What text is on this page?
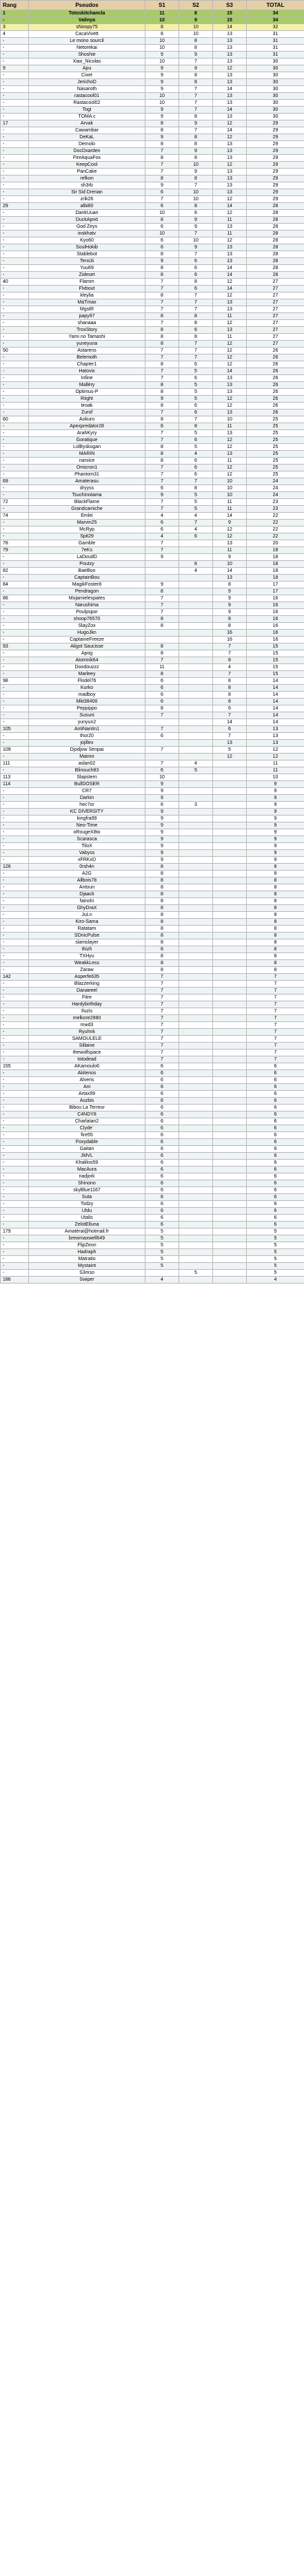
Rang	Pseudos	S1	S2	S3	TOTAL
1	Totoskitchancla	11	8	15	34
-	Valinya	10	9	15	34
3	sNoopy75	8	10	14	32
4	CacaVivett	8	10	13	31
-	Le mono sourcil	10	8	13	31
-	Netorekai	10	8	13	31
-	Shoshie	9	9	13	31
-	Xiao_Nicolas	10	7	13	30
9	Apu	9	9	12	30
-	Cixet	9	8	13	30
-	JerichoD	9	8	13	30
-	Nasaroth	9	7	14	30
-	rastacool01	10	7	13	30
-	Rastacool02	10	7	13	30
-	Togi	9	7	14	30
-	TOMA c	9	8	13	30
17	Arvak	8	9	12	29
-	Cawambar	8	7	14	29
-	DeKaL	9	8	12	29
-	Demolo	8	8	13	29
-	DocDxarden	7	9	13	29
-	FireAquaFox	8	8	13	29
-	KeepCool	7	10	12	29
-	PanCake	7	9	13	29
-	refkon	8	8	13	29
-	sh3rb	9	7	13	29
-	Sir Sid Drenan	6	10	13	29
-	zrik26	7	10	12	29
29	albi80	6	8	14	28
-	DankUuan	10	6	12	28
-	DuckApnö	8	9	11	28
-	God Zeys	6	9	13	28
-	inokhatv	10	7	11	28
-	Kyo60	6	10	12	28
-	SoulHokib	6	9	13	28
-	Stablebot	8	7	13	28
-	Tens3i	9	6	13	28
-	Yuu69	8	6	14	28
-	Zideset	8	6	14	28
40	Flamm	7	8	12	27
-	Flxbout	7	6	14	27
-	kleylia	8	7	12	27
-	MaTmax	7	7	13	27
-	MgstR	7	7	13	27
-	papy97	8	8	11	27
-	shanaaa	7	8	12	27
-	TroxStory	8	6	13	27
-	Yami no Tamashi	8	8	11	27
-	yuneyuna	8	7	12	27
50	Astarens	7	7	12	26
-	Belemoth	7	7	12	26
-	Chapter1	8	6	12	26
-	Hatovix	7	5	14	26
-	Infine	7	6	13	26
-	Mallèry	8	5	13	26
-	Optimus-P	8	5	13	26
-	Riight	9	5	12	26
-	tiroak	8	6	12	26
-	Zurof	7	6	13	26
60	Aokuro	8	7	10	25
-	Apexpredator28	6	8	11	25
-	ArahKyry	7	5	13	25
-	Goratique	7	6	12	25
-	LolByskugan	8	5	12	25
-	MARIN	8	4	13	25
-	narsice	8	6	11	25
-	Omicron1	7	6	12	25
-	Phantom31	7	6	12	25
69	Amaterasu	7	7	10	24
-	dryyss	6	8	10	24
-	Tsuchinotama	9	5	10	24
72	BlackFlame	7	5	11	23
-	Grandcamiche	7	5	11	23
74	Emlei	4	4	14	22
-	Marvin25	6	7	9	22
-	McRyp	6	4	12	22
-	Spit29	4	6	12	22
78	Gamble	7		13	20
79	7eKs	7		11	18
-	LaDoudD	9		9	18
-	Poutzy		8	10	18
82	BaeBoo		4	14	18
-	CaptainBou			13	18
84	MagikFoster8	9		8	17
-	Pendragon	8		9	17
86	Mojamielespates	7		9	16
-	Narushima	7		9	16
-	Poulpspor	7		9	16
-	shoop76570	8		8	16
-	SlayZox	8		8	16
-	HugoJkn			16	16
-	CaptaineFreeze			16	16
93	Aligot Saucisse	8		7	15
-	Apog	8		7	15
-	Atomnik64	7		8	15
-	Doodouzzz	11		4	15
-	Marleey	8		7	15
98	Flodel76	6		8	14
-	Kurko	6		8	14
-	madboy	6		8	14
-	Mkt38400	6		8	14
-	Peppippo	8		6	14
-	Susuni	7		7	14
-	yunyun2			14	14
105	AntiNantin1	7		6	13
-	thor20	6		7	13
-	jojillex			13	13
109	Djodjow Senpai	7		5	12
-	Mainro			12	12
111	aslan02	7	4		11
-	Blinouch83	6	5		11
113	Slapstern	10			10
114	BullDOSER	9			9
-	CR7	9			9
-	Darkin	9			9
-	hec7or	6	3		9
-	KC DIVERSITY	9			9
-	kingfra99	9			9
-	Neo-Time	9			9
-	oRougeX8to	9			9
-	Scarasca	9			9
-	TiloX	9			9
-	Vabyss	9			9
-	xFRKxD	9			9
126	0rsh4n	8			8
-	A2G	8			8
-	Allbois78	8			8
-	Antoun	8			8
-	Djaack	8			8
-	fainshi	8			8
-	GhyDraX	8			8
-	JuLn	8			8
-	Kiro-Sama	8			8
-	Ratatam	8			8
-	SDnicPulse	8			8
-	slamslayer	8			8
-	thizh	8			8
-	TXHyu	8			8
-	WeakkLess	8			8
-	Zaraw	8			8
142	Asperfe635	7			7
-	Blazzerking	7			7
-	Danaeeel	7			7
-	Fitre	7			7
-	Hardybirthday	7			7
-	Iluzis	7			7
-	melkore2980	7			7
-	mwd3	7			7
-	Ryuhnk	7			7
-	SAMOULELE	7			7
-	Sillaine	7			7
-	thewolfspace	7			7
-	totodead	7			7
155	AKamoulo6	6			6
-	Akitenos	6			6
-	Alveris	6			6
-	Ani	6			6
-	Artax99	6			6
-	Aszbis	6			6
-	Bibou La Terreur	6			6
-	C4NDY8	6			6
-	Charlatan2	6			6
-	Clyde`	6			6
-	fire55	6			6
-	Foxydable	6			6
-	Gaitan	6			6
-	JMVL	6			6
-	Khalilos59	6			6
-	MacAura	6			6
-	nadjork	6			6
-	Shinono	6			6
-	skyBlue1167	6			6
-	Suta	6			6
-	Todzy	6			6
-	Uldu	6			6
-	Utalis	6			6
-	ZelotElluna	6			6
179	Amatérai@hotmail.fr	5			5
-	brewmaxwell649	5			5
-	FlipZeon	5			5
-	Hadraph	5			5
-	Matratio	5			5
-	Mystaint	5			5
-	S3mso		5		5
186	Swiper	4			4
